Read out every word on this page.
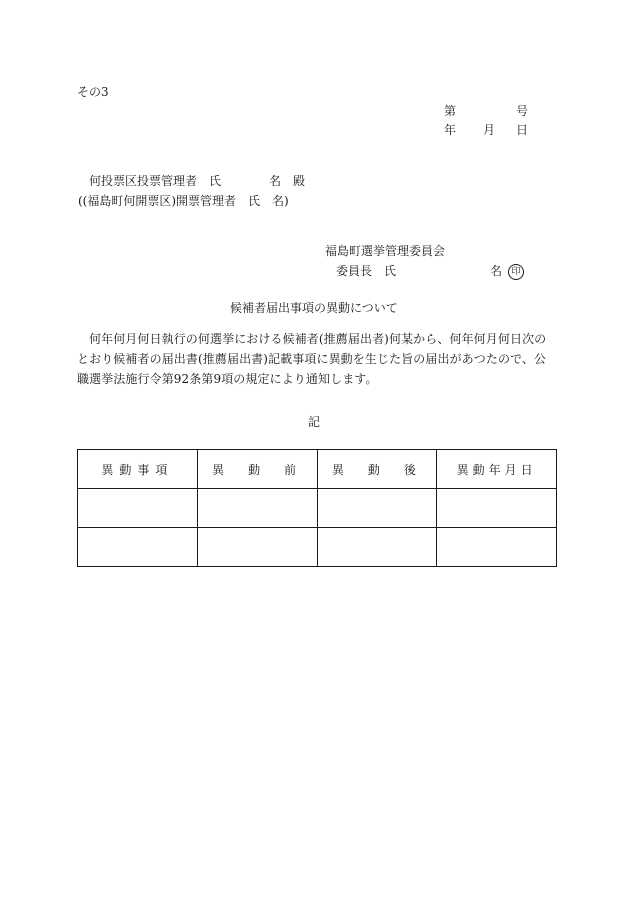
その3
第	号
年 月 日
何投票区投票管理者　氏　　　　名　殿
((福島町何開票区)開票管理者　氏　名)
福島町選挙管理委員会
委員長　氏	名 印
候補者届出事項の異動について
何年何月何日執行の何選挙における候補者(推薦届出者)何某から、何年何月何日次のとおり候補者の届出書(推薦届出書)記載事項に異動を生じた旨の届出があつたので、公職選挙法施行令第92条第9項の規定により通知します。
記
異動事項	異　動　前	異　動　後	異動年月日
